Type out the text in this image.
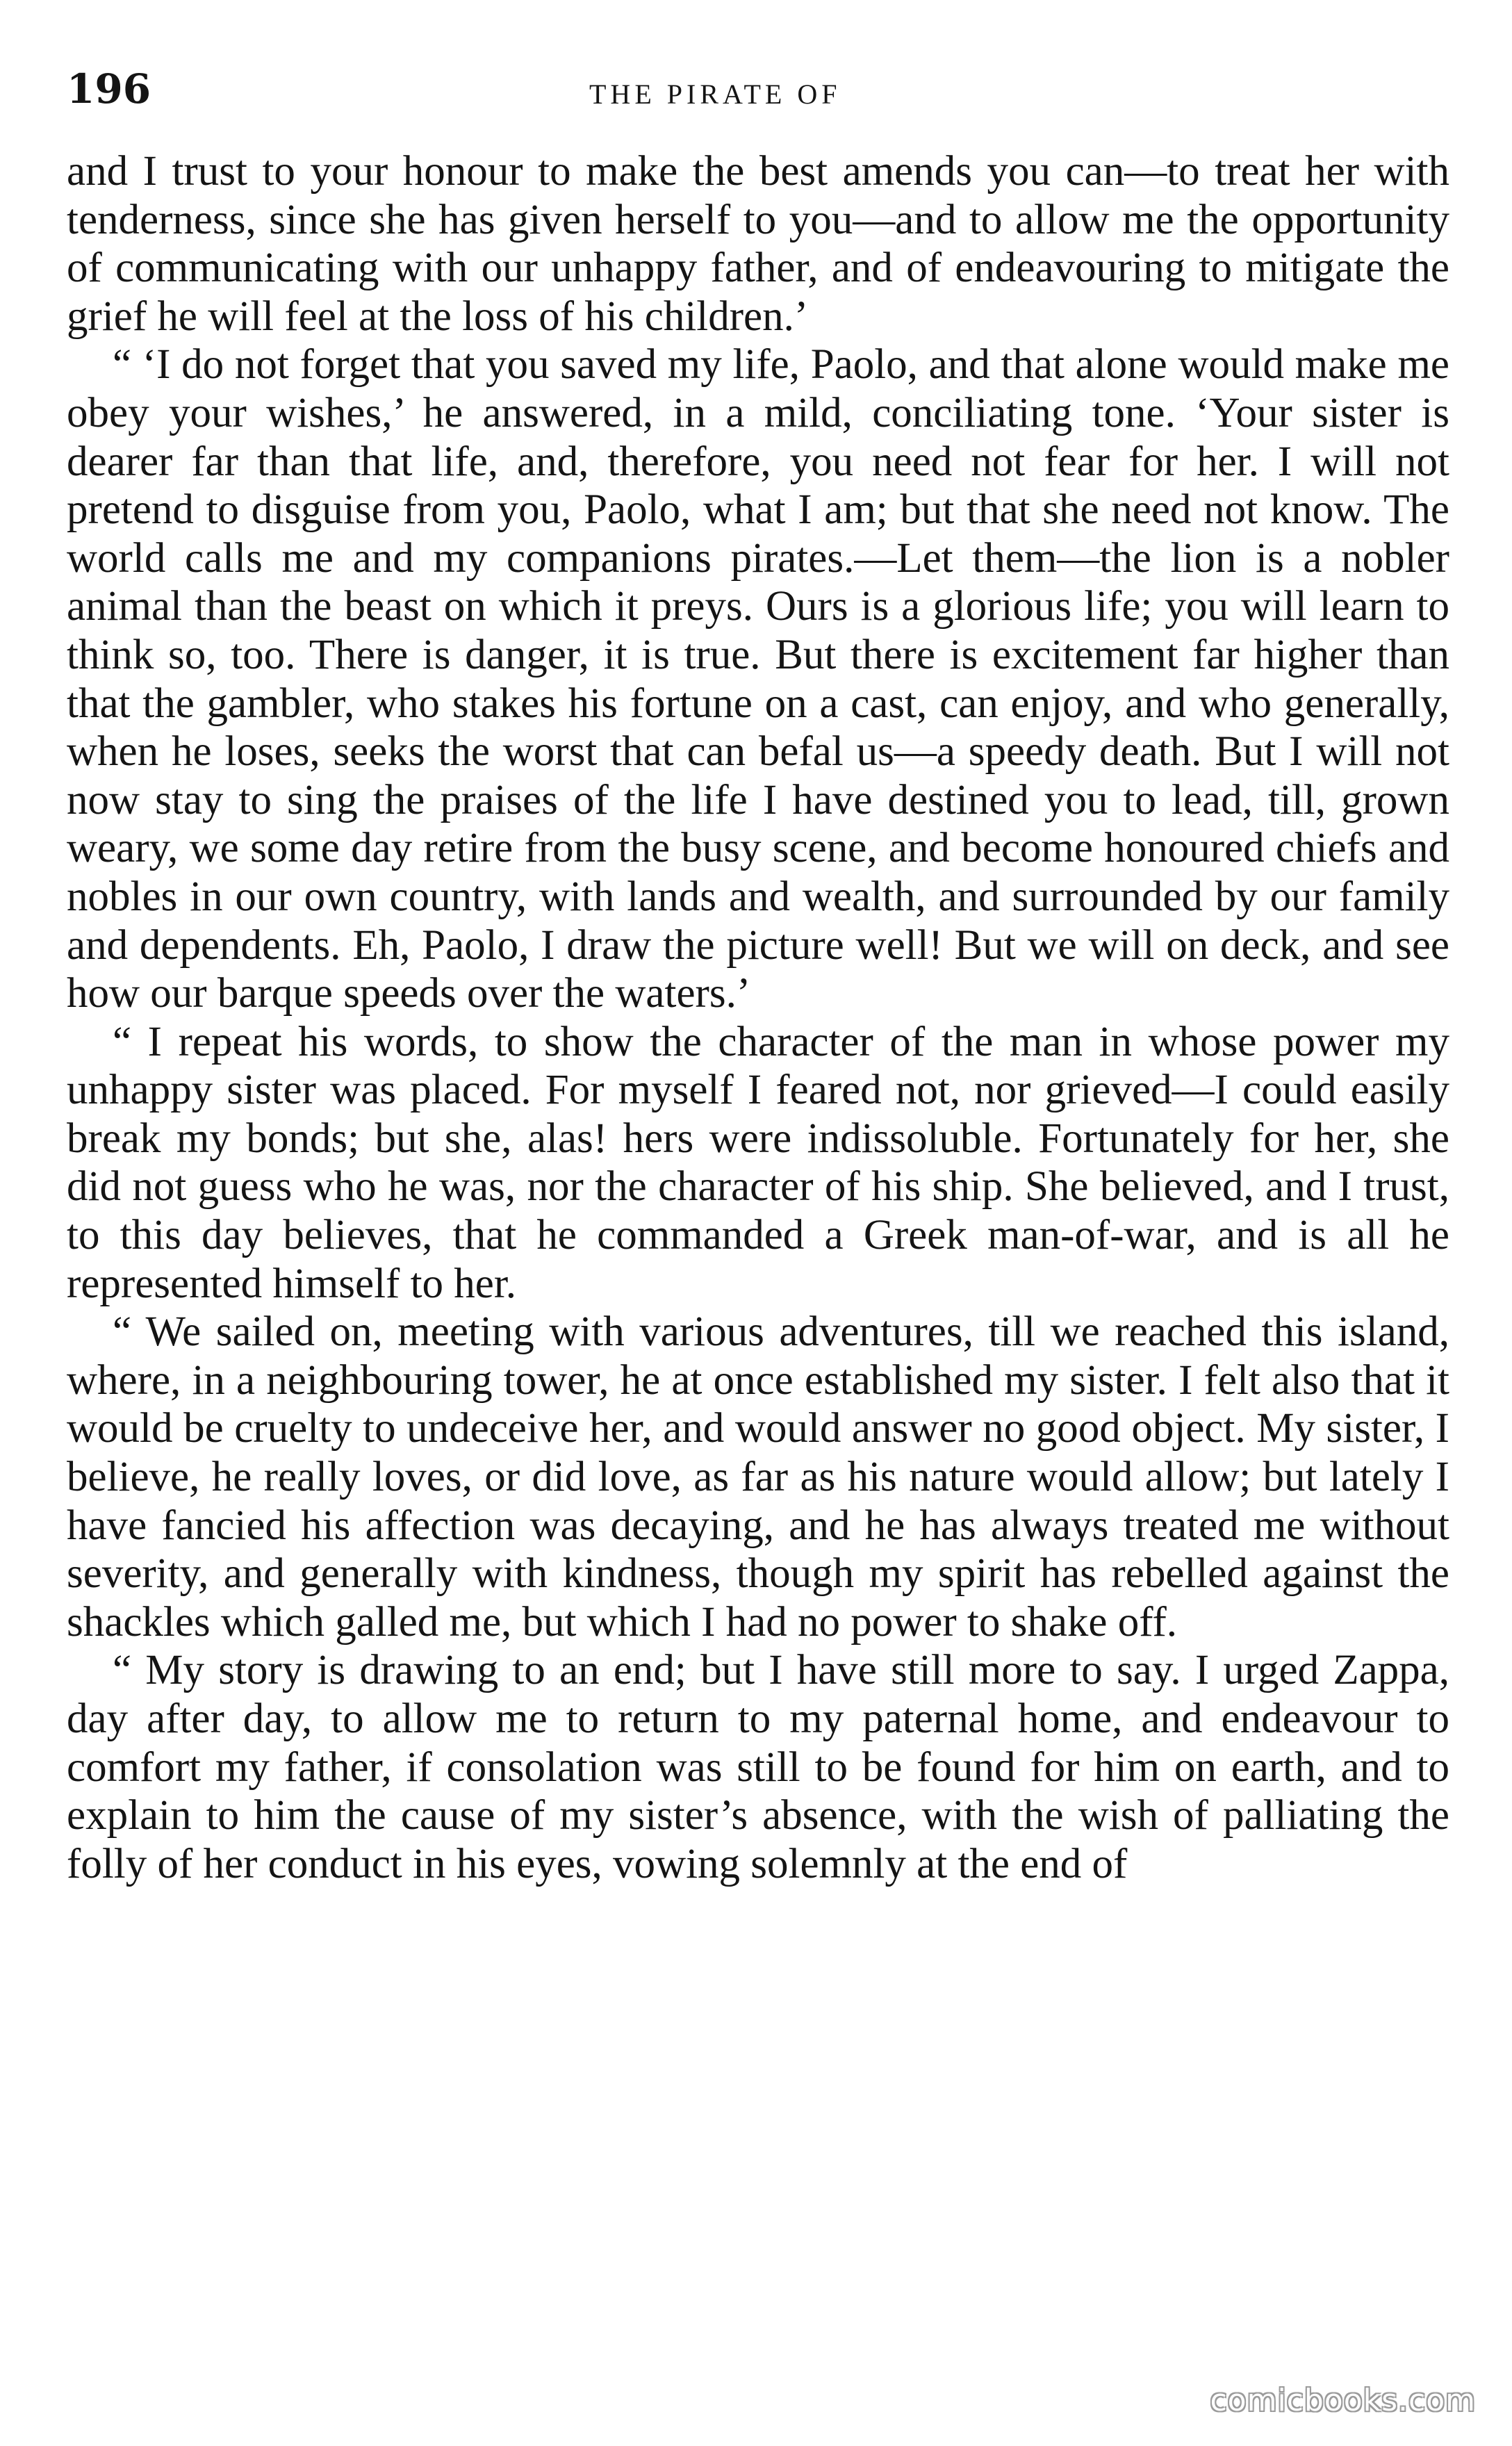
196	THE PIRATE OF

and I trust to your honour to make the best amends you can—to treat her with tenderness, since she has given herself to you—and to allow me the opportunity of communicating with our unhappy father, and of endeavouring to mitigate the grief he will feel at the loss of his children.’

“ ‘I do not forget that you saved my life, Paolo, and that alone would make me obey your wishes,’ he answered, in a mild, conciliating tone. ‘Your sister is dearer far than that life, and, therefore, you need not fear for her. I will not pretend to disguise from you, Paolo, what I am; but that she need not know. The world calls me and my companions pirates.—Let them—the lion is a nobler animal than the beast on which it preys. Ours is a glorious life; you will learn to think so, too. There is danger, it is true. But there is excitement far higher than that the gambler, who stakes his fortune on a cast, can enjoy, and who generally, when he loses, seeks the worst that can befal us—a speedy death. But I will not now stay to sing the praises of the life I have destined you to lead, till, grown weary, we some day retire from the busy scene, and become honoured chiefs and nobles in our own country, with lands and wealth, and surrounded by our family and dependents. Eh, Paolo, I draw the picture well! But we will on deck, and see how our barque speeds over the waters.’

“ I repeat his words, to show the character of the man in whose power my unhappy sister was placed. For myself I feared not, nor grieved—I could easily break my bonds; but she, alas! hers were indissoluble. Fortunately for her, she did not guess who he was, nor the character of his ship. She believed, and I trust, to this day believes, that he commanded a Greek man-of-war, and is all he represented himself to her.

“ We sailed on, meeting with various adventures, till we reached this island, where, in a neighbouring tower, he at once established my sister. I felt also that it would be cruelty to undeceive her, and would answer no good object. My sister, I believe, he really loves, or did love, as far as his nature would allow; but lately I have fancied his affection was decaying, and he has always treated me without severity, and generally with kindness, though my spirit has rebelled against the shackles which galled me, but which I had no power to shake off.

“ My story is drawing to an end; but I have still more to say. I urged Zappa, day after day, to allow me to return to my paternal home, and endeavour to comfort my father, if consolation was still to be found for him on earth, and to explain to him the cause of my sister’s absence, with the wish of palliating the folly of her conduct in his eyes, vowing solemnly at the end of

comicbooks.com
